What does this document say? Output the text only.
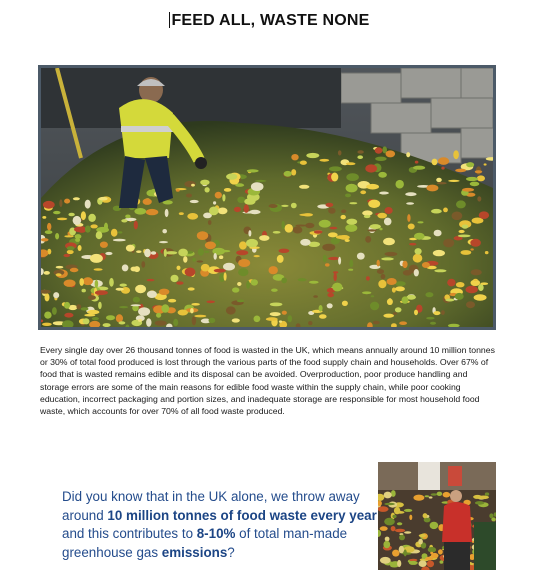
FEED ALL, WASTE NONE

Every single day over 26 thousand tonnes of food is wasted in the UK, which means annually around 10 million tonnes or 30% of total food produced is lost through the various parts of the food supply chain and households. Over 67% of food that is wasted remains edible and its disposal can be avoided. Overproduction, poor produce handling and storage errors are some of the main reasons for edible food waste within the supply chain, while poor cooking education, incorrect packaging and portion sizes, and inadequate storage are responsible for most household food waste, which accounts for over 70% of all food waste produced.

Did you know that in the UK alone, we throw away around 10 million tonnes of food waste every year and this contributes to 8-10% of total man-made greenhouse gas emissions?
